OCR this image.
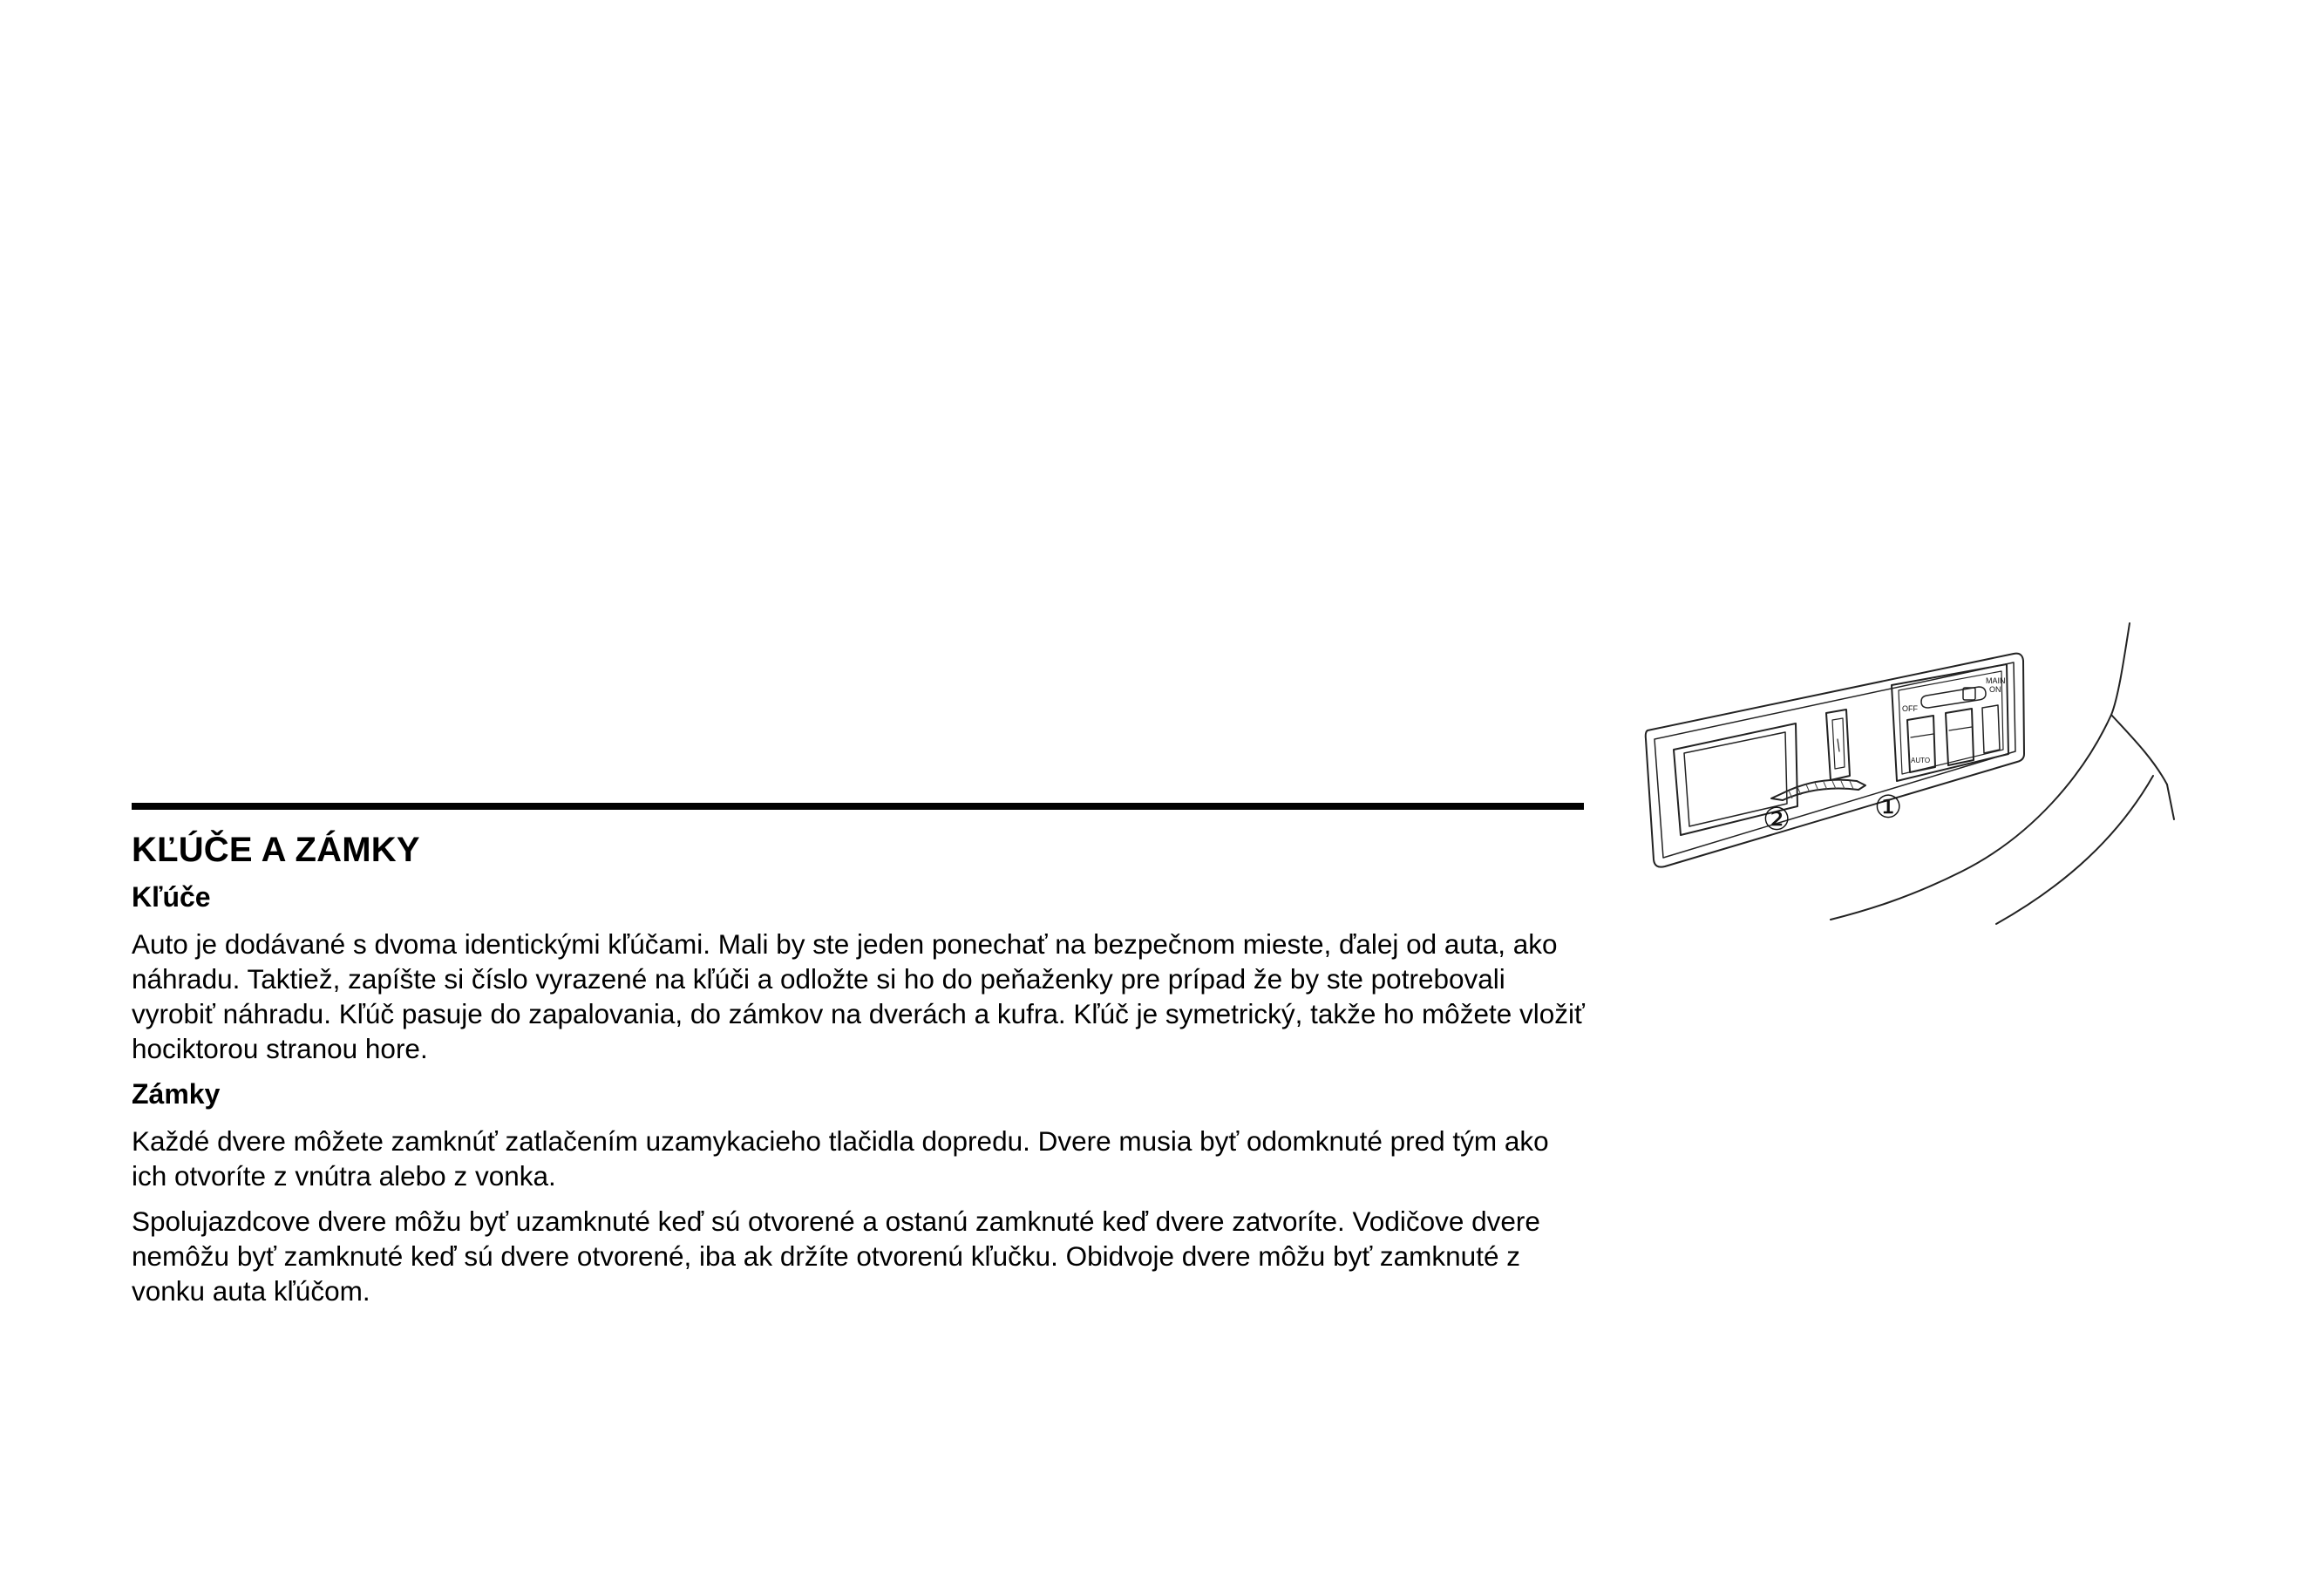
KĽÚČE A ZÁMKY
Kľúče

Auto je dodávané s dvoma identickými kľúčami. Mali by ste jeden ponechať na bezpečnom mieste, ďalej od auta, ako náhradu. Taktiež, zapíšte si číslo vyrazené na kľúči a odložte si ho do peňaženky pre prípad že by ste potrebovali vyrobiť náhradu. Kľúč pasuje do zapalovania, do zámkov na dverách a kufra. Kľúč je symetrický, takže ho môžete vložiť hociktorou stranou hore.

Zámky

Každé dvere môžete zamknúť zatlačením uzamykacieho tlačidla dopredu. Dvere musia byť odomknuté pred tým ako ich otvoríte z vnútra alebo z vonka.

Spolujazdcove dvere môžu byť uzamknuté keď sú otvorené a ostanú zamknuté keď dvere zatvoríte. Vodičove dvere nemôžu byť zamknuté keď sú dvere otvorené, iba ak držíte otvorenú kľučku. Obidvoje dvere môžu byť zamknuté z vonku auta kľúčom.

OFF
MAIN
ON
AUTO
②	①
